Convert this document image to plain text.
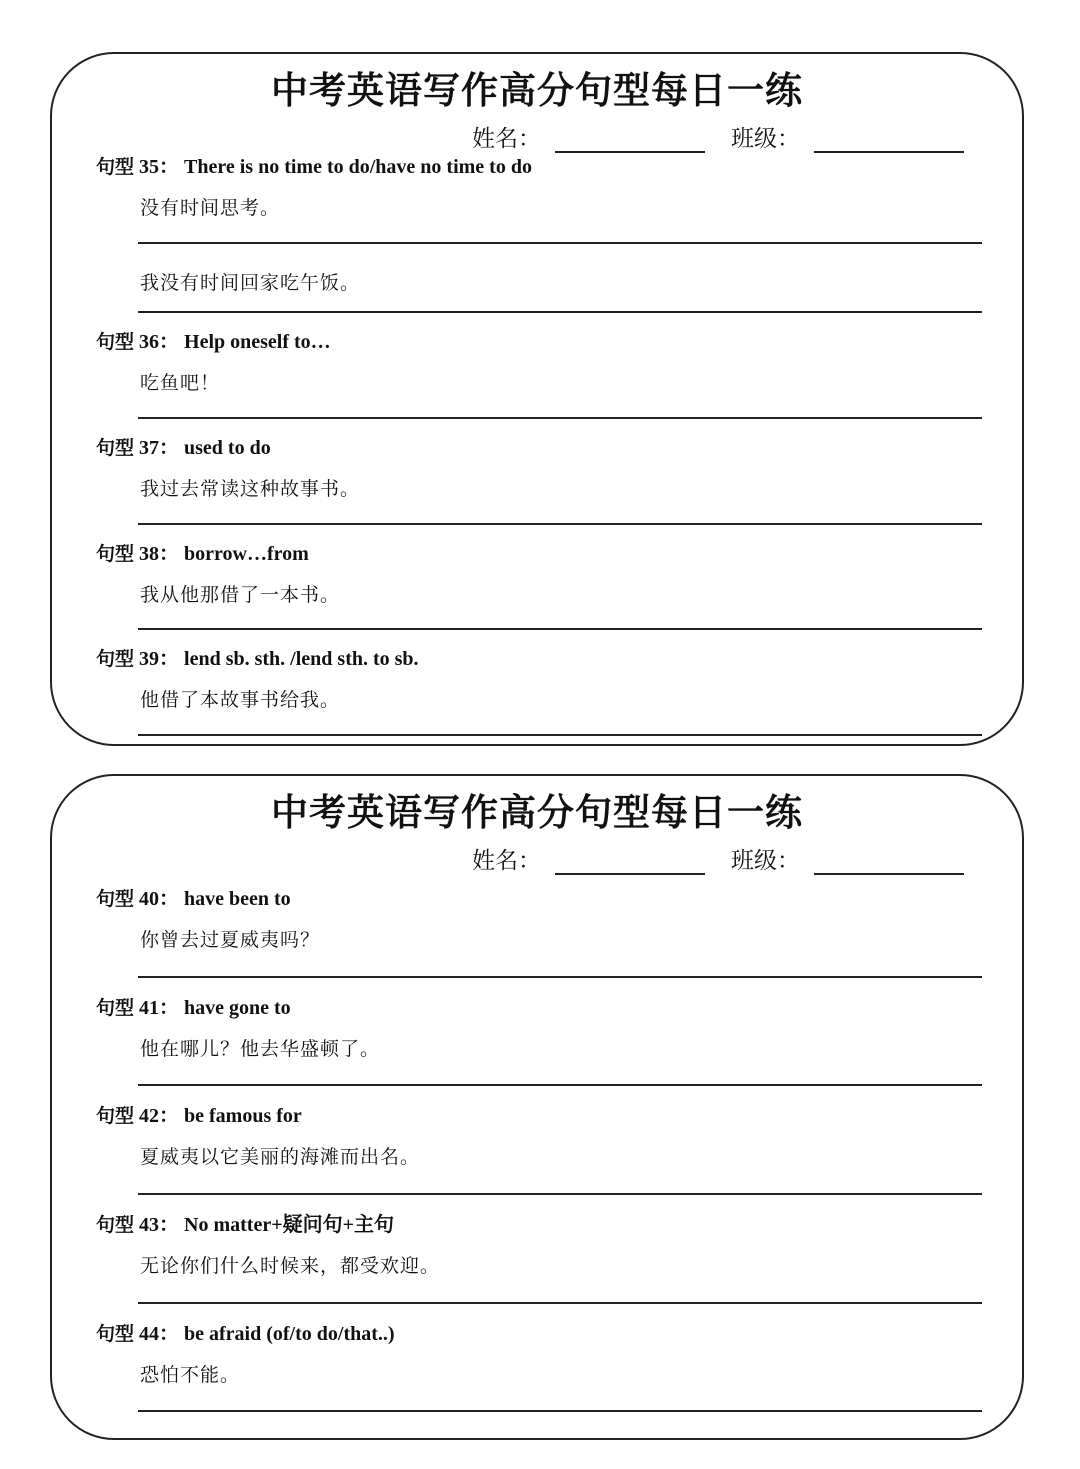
中考英语写作高分句型每日一练
姓名：	班级：
句型 35： There is no time to do/have no time to do
没有时间思考。
我没有时间回家吃午饭。
句型 36： Help oneself to…
吃鱼吧！
句型 37： used to do
我过去常读这种故事书。
句型 38： borrow…from
我从他那借了一本书。
句型 39： lend sb. sth. /lend sth. to sb.
他借了本故事书给我。
中考英语写作高分句型每日一练
姓名：	班级：
句型 40： have been to
你曾去过夏威夷吗？
句型 41： have gone to
他在哪儿？他去华盛顿了。
句型 42： be famous for
夏威夷以它美丽的海滩而出名。
句型 43： No matter+疑问句+主句
无论你们什么时候来，都受欢迎。
句型 44： be afraid (of/to do/that..)
恐怕不能。
